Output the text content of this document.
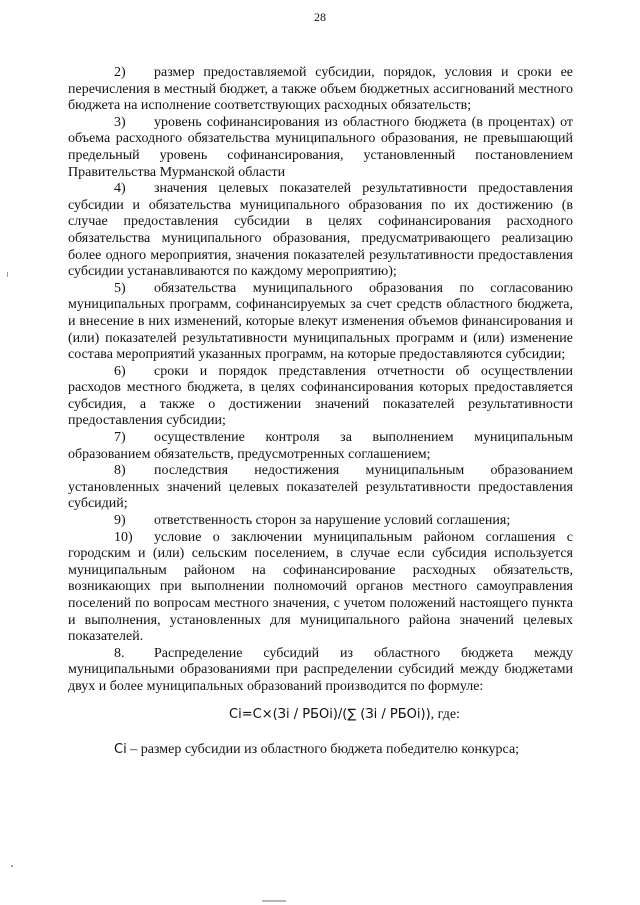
28

2) размер предоставляемой субсидии, порядок, условия и сроки ее перечисления в местный бюджет, а также объем бюджетных ассигнований местного бюджета на исполнение соответствующих расходных обязательств;

3) уровень софинансирования из областного бюджета (в процентах) от объема расходного обязательства муниципального образования, не превышающий предельный уровень софинансирования, установленный постановлением Правительства Мурманской области

4) значения целевых показателей результативности предоставления субсидии и обязательства муниципального образования по их достижению (в случае предоставления субсидии в целях софинансирования расходного обязательства муниципального образования, предусматривающего реализацию более одного мероприятия, значения показателей результативности предоставления субсидии устанавливаются по каждому мероприятию);

5) обязательства муниципального образования по согласованию муниципальных программ, софинансируемых за счет средств областного бюджета, и внесение в них изменений, которые влекут изменения объемов финансирования и (или) показателей результативности муниципальных программ и (или) изменение состава мероприятий указанных программ, на которые предоставляются субсидии;

6) сроки и порядок представления отчетности об осуществлении расходов местного бюджета, в целях софинансирования которых предоставляется субсидия, а также о достижении значений показателей результативности предоставления субсидии;

7) осуществление контроля за выполнением муниципальным образованием обязательств, предусмотренных соглашением;

8) последствия недостижения муниципальным образованием установленных значений целевых показателей результативности предоставления субсидий;

9) ответственность сторон за нарушение условий соглашения;

10) условие о заключении муниципальным районом соглашения с городским и (или) сельским поселением, в случае если субсидия используется муниципальным районом на софинансирование расходных обязательств, возникающих при выполнении полномочий органов местного самоуправления поселений по вопросам местного значения, с учетом положений настоящего пункта и выполнения, установленных для муниципального района значений целевых показателей.

8. Распределение субсидий из областного бюджета между муниципальными образованиями при распределении субсидий между бюджетами двух и более муниципальных образований производится по формуле:

Ci=C×(Зi / РБОi)/(∑ (Зi / РБОi)), где:

Ci – размер субсидии из областного бюджета победителю конкурса;
